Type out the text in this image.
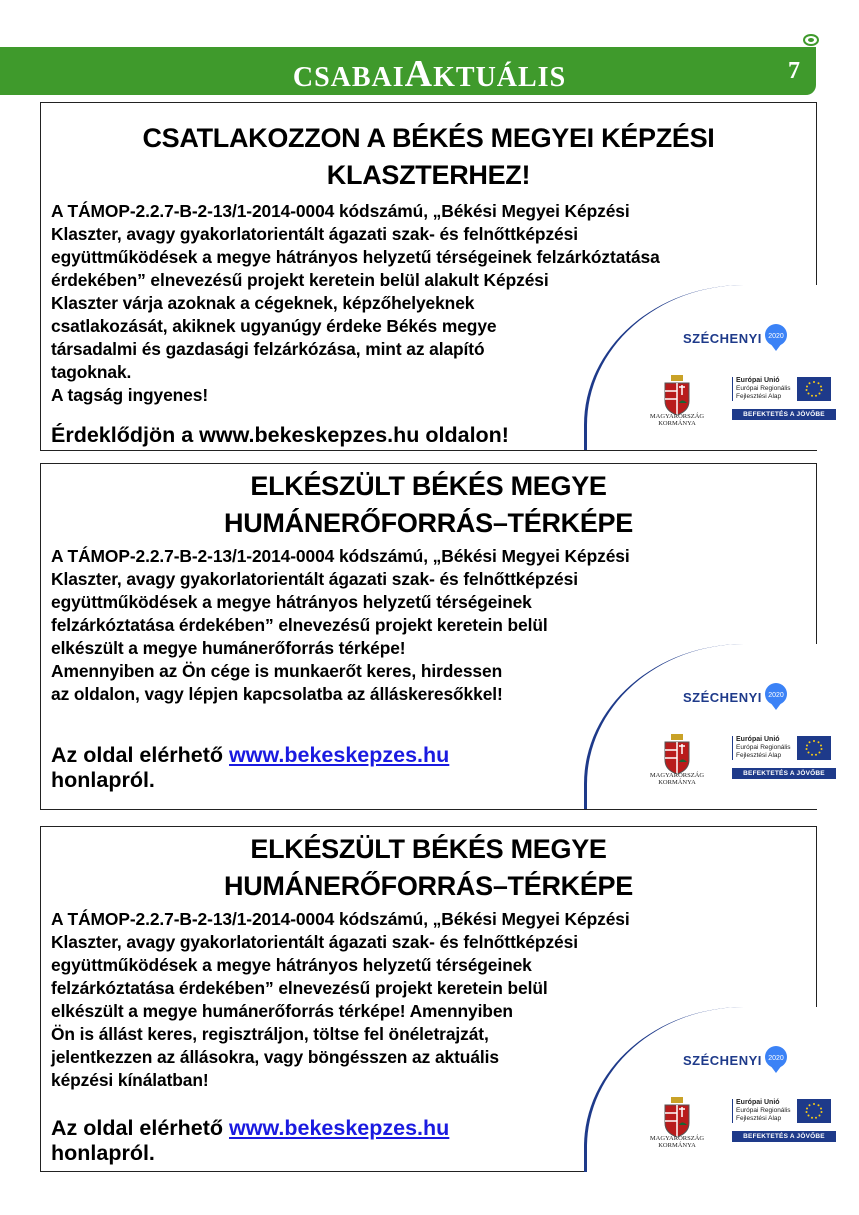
CSABAIAKTUÁLIS	7
CSATLAKOZZON A BÉKÉS MEGYEI KÉPZÉSI KLASZTERHEZ!
A TÁMOP-2.2.7-B-2-13/1-2014-0004 kódszámú, „Békési Megyei Képzési
Klaszter, avagy gyakorlatorientált ágazati szak- és felnőttképzési
együttműködések a megye hátrányos helyzetű térségeinek felzárkóztatása
érdekében” elnevezésű projekt keretein belül alakult Képzési
Klaszter várja azoknak a cégeknek, képzőhelyeknek
csatlakozását, akiknek ugyanúgy érdeke Békés megye
társadalmi és gazdasági felzárkózása, mint az alapító
tagoknak.
A tagság ingyenes!
Érdeklődjön a www.bekeskepzes.hu oldalon!
SZÉCHENYI 2020
MAGYARORSZÁG
KORMÁNYA
Európai Unió
Európai Regionális
Fejlesztési Alap
BEFEKTETÉS A JÖVŐBE
ELKÉSZÜLT BÉKÉS MEGYE
HUMÁNERŐFORRÁS–TÉRKÉPE
A TÁMOP-2.2.7-B-2-13/1-2014-0004 kódszámú, „Békési Megyei Képzési
Klaszter, avagy gyakorlatorientált ágazati szak- és felnőttképzési
együttműködések a megye hátrányos helyzetű térségeinek
felzárkóztatása érdekében” elnevezésű projekt keretein belül
elkészült a megye humánerőforrás térképe!
Amennyiben az Ön cége is munkaerőt keres, hirdessen
az oldalon, vagy lépjen kapcsolatba az álláskeresőkkel!
Az oldal elérhető www.bekeskepzes.hu
honlapról.
SZÉCHENYI 2020
MAGYARORSZÁG
KORMÁNYA
Európai Unió
Európai Regionális
Fejlesztési Alap
BEFEKTETÉS A JÖVŐBE
ELKÉSZÜLT BÉKÉS MEGYE
HUMÁNERŐFORRÁS–TÉRKÉPE
A TÁMOP-2.2.7-B-2-13/1-2014-0004 kódszámú, „Békési Megyei Képzési
Klaszter, avagy gyakorlatorientált ágazati szak- és felnőttképzési
együttműködések a megye hátrányos helyzetű térségeinek
felzárkóztatása érdekében” elnevezésű projekt keretein belül
elkészült a megye humánerőforrás térképe! Amennyiben
Ön is állást keres, regisztráljon, töltse fel önéletrajzát,
jelentkezzen az állásokra, vagy böngésszen az aktuális
képzési kínálatban!
Az oldal elérhető www.bekeskepzes.hu
honlapról.
SZÉCHENYI 2020
MAGYARORSZÁG
KORMÁNYA
Európai Unió
Európai Regionális
Fejlesztési Alap
BEFEKTETÉS A JÖVŐBE
